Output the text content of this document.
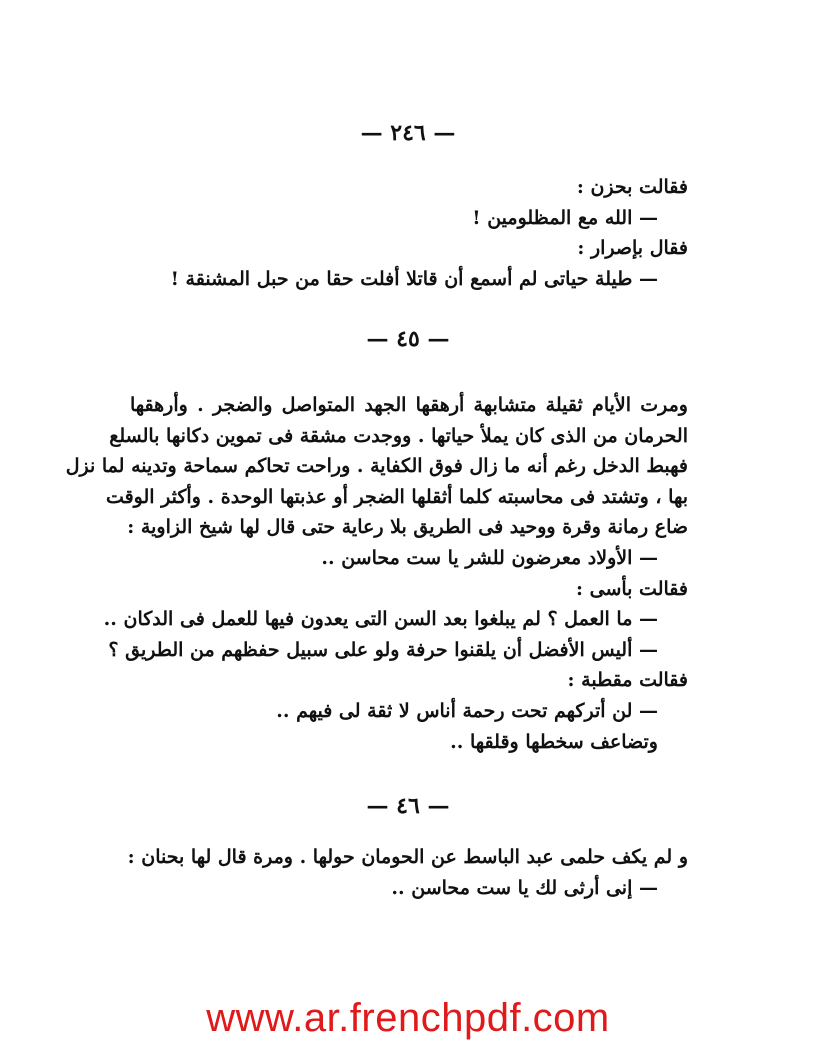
— ٢٤٦ —
فقالت بحزن :
— الله مع المظلومين !
فقال بإصرار :
— طيلة حياتى لم أسمع أن قاتلا أفلت حقا من حبل المشنقة !
— ٤٥ —
ومرت الأيام ثقيلة متشابهة أرهقها الجهد المتواصل والضجر . وأرهقها
الحرمان من الذى كان يملأ حياتها . ووجدت مشقة فى تموين دكانها بالسلع
فهبط الدخل رغم أنه ما زال فوق الكفاية . وراحت تحاكم سماحة وتدينه لما نزل
بها ، وتشتد فى محاسبته كلما أثقلها الضجر أو عذبتها الوحدة . وأكثر الوقت
ضاع رمانة وقرة ووحيد فى الطريق بلا رعاية حتى قال لها شيخ الزاوية :
— الأولاد معرضون للشر يا ست محاسن ..
فقالت بأسى :
— ما العمل ؟ لم يبلغوا بعد السن التى يعدون فيها للعمل فى الدكان ..
— أليس الأفضل أن يلقنوا حرفة ولو على سبيل حفظهم من الطريق ؟
فقالت مقطبة :
— لن أتركهم تحت رحمة أناس لا ثقة لى فيهم ..
وتضاعف سخطها وقلقها ..
— ٤٦ —
و لم يكف حلمى عبد الباسط عن الحومان حولها . ومرة قال لها بحنان :
— إنى أرثى لك يا ست محاسن ..
www.ar.frenchpdf.com
